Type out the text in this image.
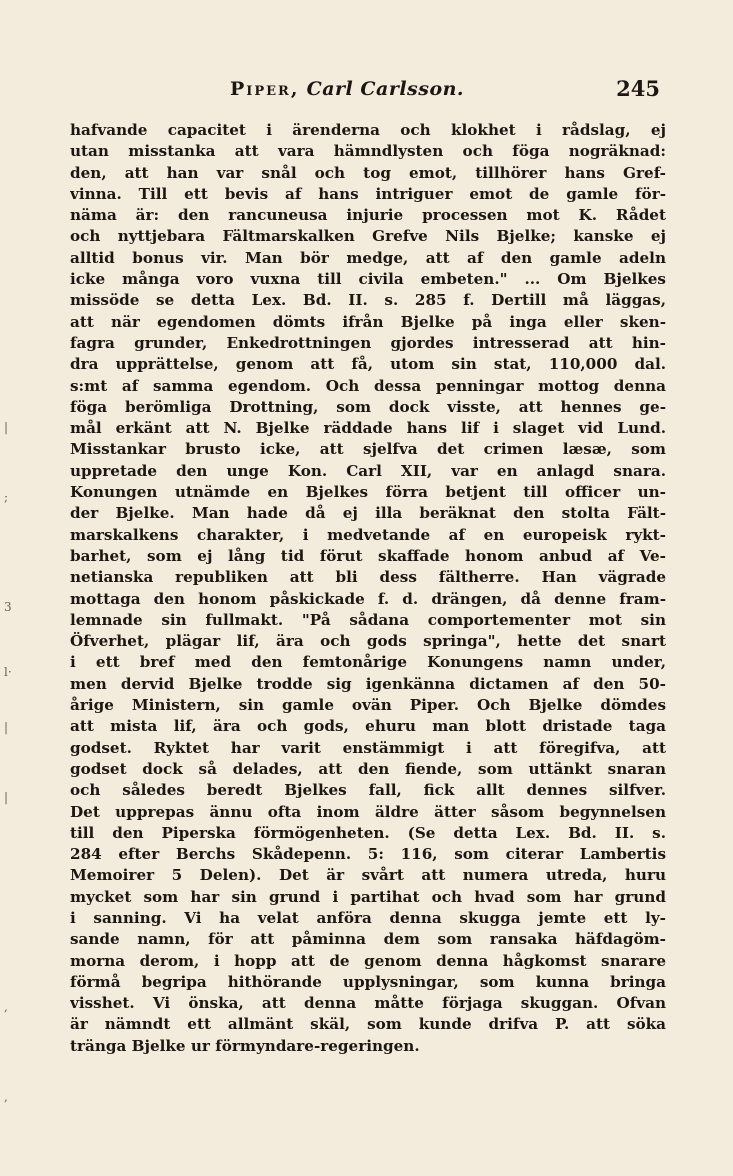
Piper, Carl Carlsson.	245
|
;
3
l·
|
|
,
,
hafvande capacitet i ärenderna och klokhet i rådslag, ej
utan misstanka att vara hämndlysten och föga nogräknad:
den, att han var snål och tog emot, tillhörer hans Gref-
vinna. Till ett bevis af hans intriguer emot de gamle för-
näma är: den rancuneusa injurie processen mot K. Rådet
och nyttjebara Fältmarskalken Grefve Nils Bjelke; kanske ej
alltid bonus vir. Man bör medge, att af den gamle adeln
icke många voro vuxna till civila embeten." ... Om Bjelkes
missöde se detta Lex. Bd. II. s. 285 f. Dertill må läggas,
att när egendomen dömts ifrån Bjelke på inga eller sken-
fagra grunder, Enkedrottningen gjordes intresserad att hin-
dra upprättelse, genom att få, utom sin stat, 110,000 dal.
s:mt af samma egendom. Och dessa penningar mottog denna
föga berömliga Drottning, som dock visste, att hennes ge-
mål erkänt att N. Bjelke räddade hans lif i slaget vid Lund.
Misstankar brusto icke, att sjelfva det crimen læsæ, som
uppretade den unge Kon. Carl XII, var en anlagd snara.
Konungen utnämde en Bjelkes förra betjent till officer un-
der Bjelke. Man hade då ej illa beräknat den stolta Fält-
marskalkens charakter, i medvetande af en europeisk rykt-
barhet, som ej lång tid förut skaffade honom anbud af Ve-
netianska republiken att bli dess fältherre. Han vägrade
mottaga den honom påskickade f. d. drängen, då denne fram-
lemnade sin fullmakt. "På sådana comportementer mot sin
Öfverhet, plägar lif, ära och gods springa", hette det snart
i ett bref med den femtonårige Konungens namn under,
men dervid Bjelke trodde sig igenkänna dictamen af den 50-
årige Ministern, sin gamle ovän Piper. Och Bjelke dömdes
att mista lif, ära och gods, ehuru man blott dristade taga
godset. Ryktet har varit enstämmigt i att föregifva, att
godset dock så delades, att den fiende, som uttänkt snaran
och således beredt Bjelkes fall, fick allt dennes silfver.
Det upprepas ännu ofta inom äldre ätter såsom begynnelsen
till den Piperska förmögenheten. (Se detta Lex. Bd. II. s.
284 efter Berchs Skådepenn. 5: 116, som citerar Lambertis
Memoirer 5 Delen). Det är svårt att numera utreda, huru
mycket som har sin grund i partihat och hvad som har grund
i sanning. Vi ha velat anföra denna skugga jemte ett ly-
sande namn, för att påminna dem som ransaka häfdagöm-
morna derom, i hopp att de genom denna hågkomst snarare
förmå begripa hithörande upplysningar, som kunna bringa
visshet. Vi önska, att denna måtte förjaga skuggan. Ofvan
är nämndt ett allmänt skäl, som kunde drifva P. att söka
tränga Bjelke ur förmyndare-regeringen.
